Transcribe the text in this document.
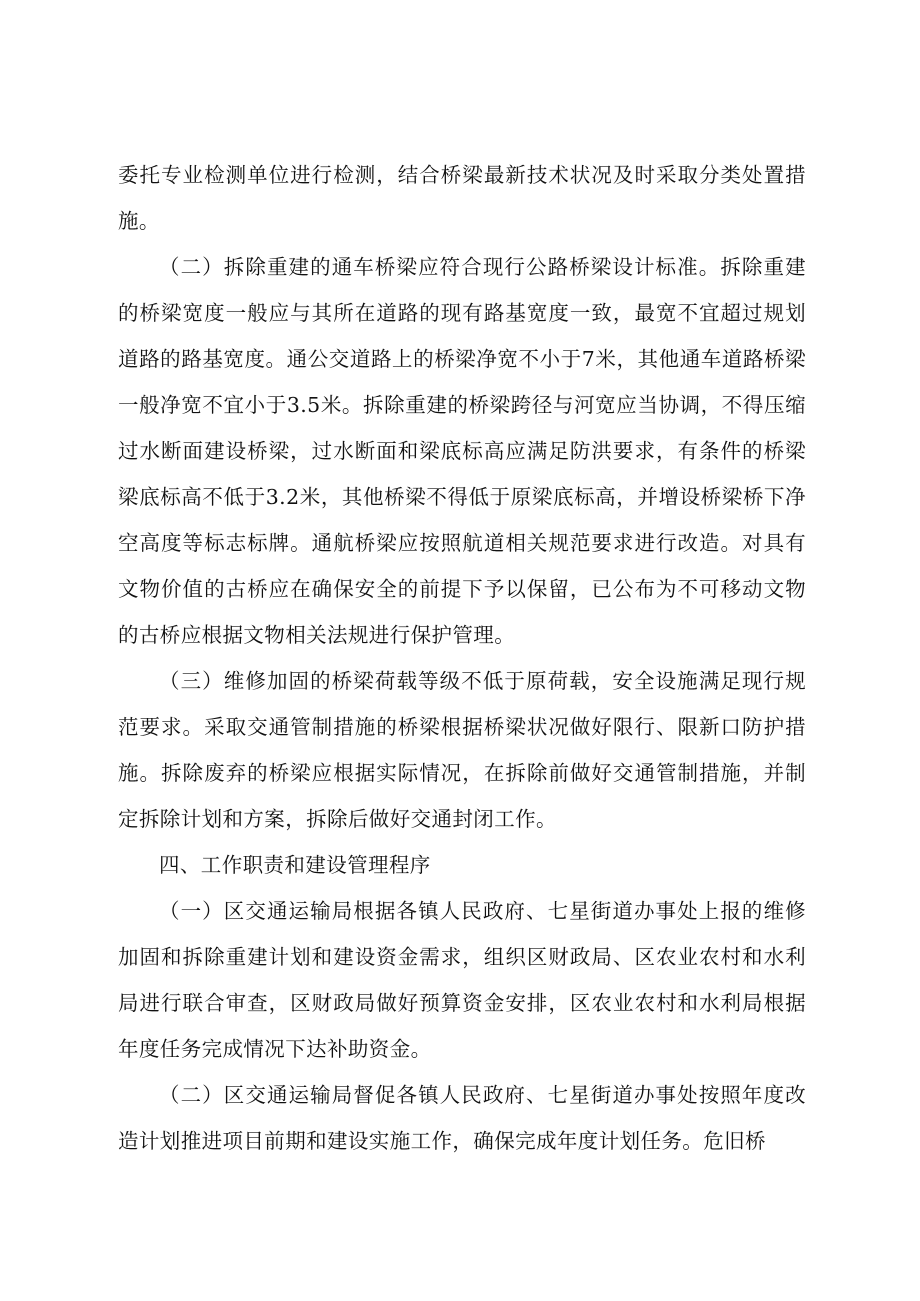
委托专业检测单位进行检测，结合桥梁最新技术状况及时采取分类处置措施。

（二）拆除重建的通车桥梁应符合现行公路桥梁设计标准。拆除重建的桥梁宽度一般应与其所在道路的现有路基宽度一致，最宽不宜超过规划道路的路基宽度。通公交道路上的桥梁净宽不小于7米，其他通车道路桥梁一般净宽不宜小于3.5米。拆除重建的桥梁跨径与河宽应当协调，不得压缩过水断面建设桥梁，过水断面和梁底标高应满足防洪要求，有条件的桥梁梁底标高不低于3.2米，其他桥梁不得低于原梁底标高，并增设桥梁桥下净空高度等标志标牌。通航桥梁应按照航道相关规范要求进行改造。对具有文物价值的古桥应在确保安全的前提下予以保留，已公布为不可移动文物的古桥应根据文物相关法规进行保护管理。

（三）维修加固的桥梁荷载等级不低于原荷载，安全设施满足现行规范要求。采取交通管制措施的桥梁根据桥梁状况做好限行、限新口防护措施。拆除废弃的桥梁应根据实际情况，在拆除前做好交通管制措施，并制定拆除计划和方案，拆除后做好交通封闭工作。

四、工作职责和建设管理程序

（一）区交通运输局根据各镇人民政府、七星街道办事处上报的维修加固和拆除重建计划和建设资金需求，组织区财政局、区农业农村和水利局进行联合审查，区财政局做好预算资金安排，区农业农村和水利局根据年度任务完成情况下达补助资金。

（二）区交通运输局督促各镇人民政府、七星街道办事处按照年度改造计划推进项目前期和建设实施工作，确保完成年度计划任务。危旧桥
